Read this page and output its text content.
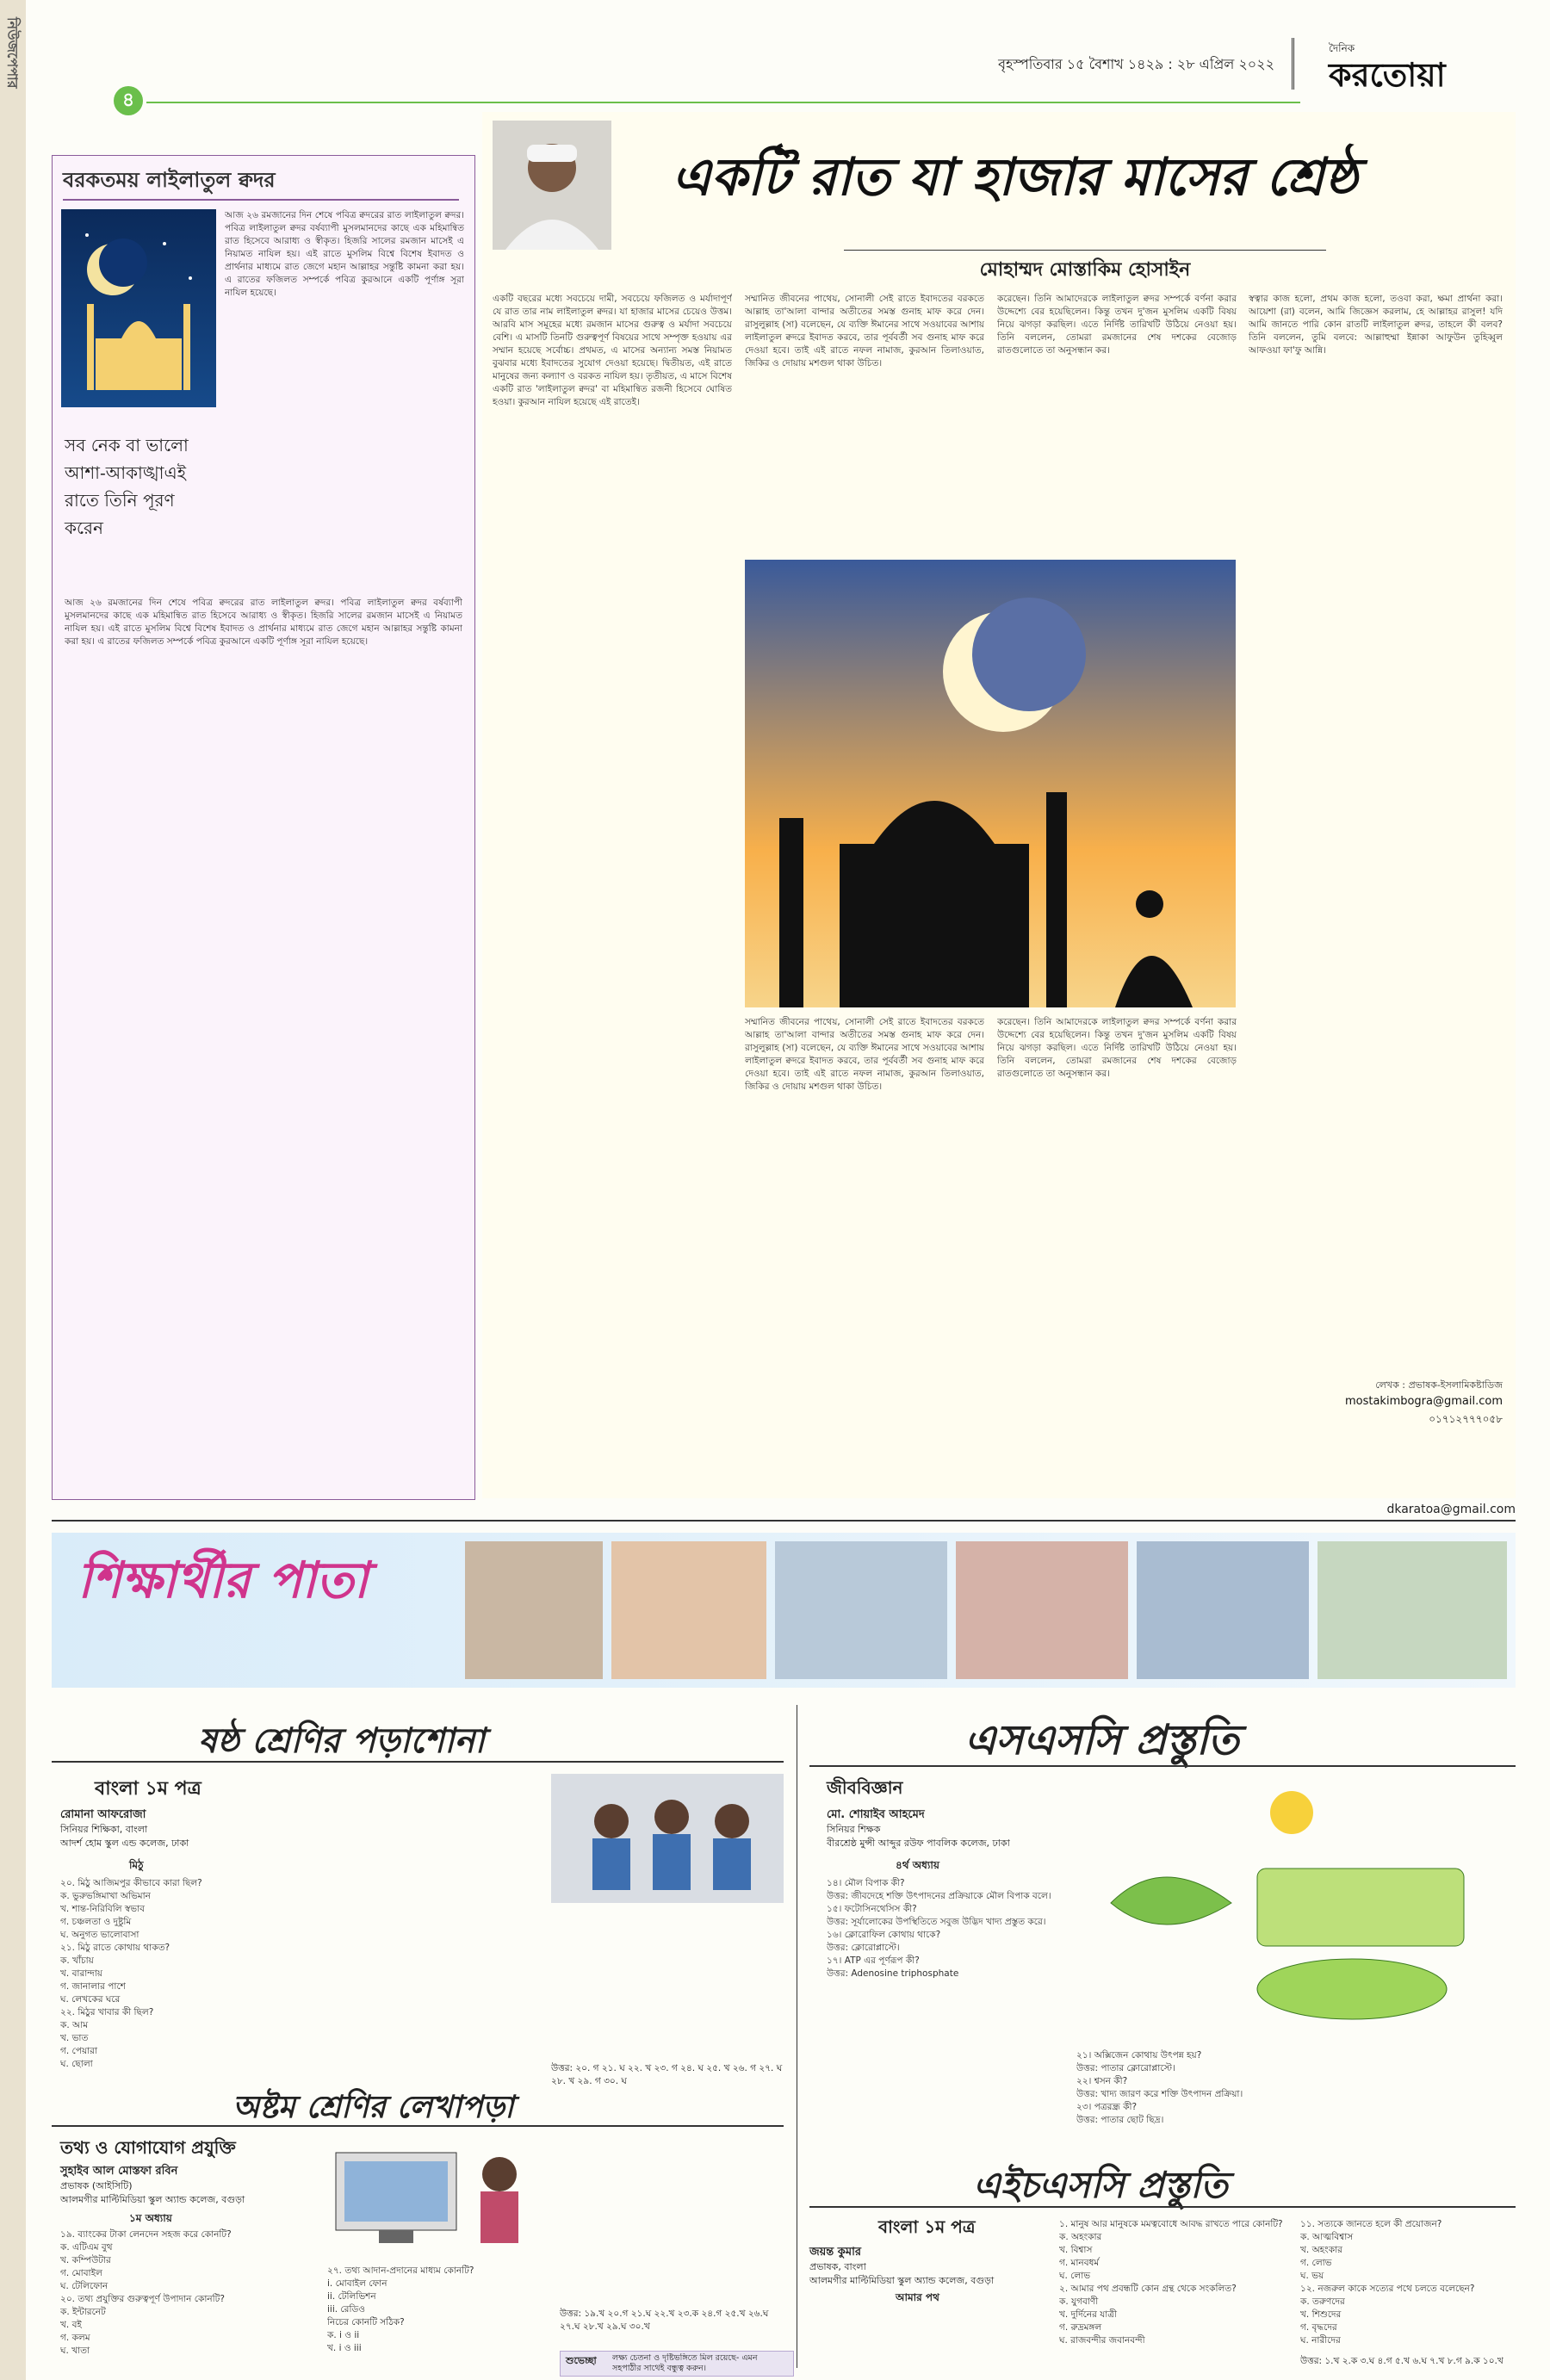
নিউজপেপার
৪
বৃহস্পতিবার ১৫ বৈশাখ ১৪২৯ : ২৮ এপ্রিল ২০২২
দৈনিক
করতোয়া
বরকতময় লাইলাতুল ক্বদর
আজ ২৬ রমজানের দিন শেষে পবিত্র ক্বদরের রাত লাইলাতুল ক্বদর। পবিত্র লাইলাতুল ক্বদর বর্ষব্যাপী মুসলমানদের কাছে এক মহিমান্বিত রাত হিসেবে আরাধ্য ও স্বীকৃত। হিজরি সালের রমজান মাসেই এ নিয়ামত নাযিল হয়। এই রাতে মুসলিম বিশ্বে বিশেষ ইবাদত ও প্রার্থনার মাধ্যমে রাত জেগে মহান আল্লাহর সন্তুষ্টি কামনা করা হয়। এ রাতের ফজিলত সম্পর্কে পবিত্র কুরআনে একটি পূর্ণাঙ্গ সূরা নাযিল হয়েছে।
সব নেক বা ভালো আশা-আকাঙ্খাএই রাতে তিনি পূরণ করেন
আজ ২৬ রমজানের দিন শেষে পবিত্র ক্বদরের রাত লাইলাতুল ক্বদর। পবিত্র লাইলাতুল ক্বদর বর্ষব্যাপী মুসলমানদের কাছে এক মহিমান্বিত রাত হিসেবে আরাধ্য ও স্বীকৃত। হিজরি সালের রমজান মাসেই এ নিয়ামত নাযিল হয়। এই রাতে মুসলিম বিশ্বে বিশেষ ইবাদত ও প্রার্থনার মাধ্যমে রাত জেগে মহান আল্লাহর সন্তুষ্টি কামনা করা হয়। এ রাতের ফজিলত সম্পর্কে পবিত্র কুরআনে একটি পূর্ণাঙ্গ সূরা নাযিল হয়েছে।
একটি রাত যা হাজার মাসের শ্রেষ্ঠ
মোহাম্মদ মোস্তাকিম হোসাইন
একটি বছরের মধ্যে সবচেয়ে দামী, সবচেয়ে ফজিলত ও মর্যাদাপূর্ণ যে রাত তার নাম লাইলাতুল ক্বদর। যা হাজার মাসের চেয়েও উত্তম। আরবি মাস সমূহের মধ্যে রমজান মাসের গুরুত্ব ও মর্যাদা সবচেয়ে বেশি। এ মাসটি তিনটি গুরুত্বপূর্ণ বিষয়ের সাথে সম্পৃক্ত হওয়ায় এর সম্মান হয়েছে সর্বোচ্চ। প্রথমত, এ মাসের অন্যান্য সমস্ত নিয়ামত বুঝবার মধ্যে ইবাদতের সুযোগ দেওয়া হয়েছে। দ্বিতীয়ত, এই রাতে মানুষের জন্য কল্যাণ ও বরকত নাযিল হয়। তৃতীয়ত, এ মাসে বিশেষ একটি রাত 'লাইলাতুল ক্বদর' বা মহিমান্বিত রজনী হিসেবে ঘোষিত হওয়া। কুরআন নাযিল হয়েছে এই রাতেই।
সম্মানিত জীবনের পাথেয়, সোনালী সেই রাতে ইবাদতের বরকতে আল্লাহ তা'আলা বান্দার অতীতের সমস্ত গুনাহ মাফ করে দেন। রাসুলুল্লাহ (সা) বলেছেন, যে ব্যক্তি ঈমানের সাথে সওয়াবের আশায় লাইলাতুল ক্বদরে ইবাদত করবে, তার পূর্ববর্তী সব গুনাহ মাফ করে দেওয়া হবে। তাই এই রাতে নফল নামাজ, কুরআন তিলাওয়াত, জিকির ও দোয়ায় মশগুল থাকা উচিত।
সম্মানিত জীবনের পাথেয়, সোনালী সেই রাতে ইবাদতের বরকতে আল্লাহ তা'আলা বান্দার অতীতের সমস্ত গুনাহ মাফ করে দেন। রাসুলুল্লাহ (সা) বলেছেন, যে ব্যক্তি ঈমানের সাথে সওয়াবের আশায় লাইলাতুল ক্বদরে ইবাদত করবে, তার পূর্ববর্তী সব গুনাহ মাফ করে দেওয়া হবে। তাই এই রাতে নফল নামাজ, কুরআন তিলাওয়াত, জিকির ও দোয়ায় মশগুল থাকা উচিত।
করেছেন। তিনি আমাদেরকে লাইলাতুল ক্বদর সম্পর্কে বর্ণনা করার উদ্দেশ্যে বের হয়েছিলেন। কিন্তু তখন দু'জন মুসলিম একটি বিষয় নিয়ে ঝগড়া করছিল। এতে নির্দিষ্ট তারিখটি উঠিয়ে নেওয়া হয়। তিনি বললেন, তোমরা রমজানের শেষ দশকের বেজোড় রাতগুলোতে তা অনুসন্ধান কর।
করেছেন। তিনি আমাদেরকে লাইলাতুল ক্বদর সম্পর্কে বর্ণনা করার উদ্দেশ্যে বের হয়েছিলেন। কিন্তু তখন দু'জন মুসলিম একটি বিষয় নিয়ে ঝগড়া করছিল। এতে নির্দিষ্ট তারিখটি উঠিয়ে নেওয়া হয়। তিনি বললেন, তোমরা রমজানের শেষ দশকের বেজোড় রাতগুলোতে তা অনুসন্ধান কর।
স্বত্বার কাজ হলো, প্রথম কাজ হলো, তওবা করা, ক্ষমা প্রার্থনা করা। আয়েশা (রা) বলেন, আমি জিজ্ঞেস করলাম, হে আল্লাহর রাসুল! যদি আমি জানতে পারি কোন রাতটি লাইলাতুল ক্বদর, তাহলে কী বলব? তিনি বললেন, তুমি বলবে: আল্লাহুম্মা ইন্নাকা আফুউন তুহিব্বুল আফওয়া ফা'ফু আন্নি।
লেখক : প্রভাষক-ইসলামিকষ্টাডিজ
mostakimbogra@gmail.com
০১৭১২৭৭৭০৫৮
dkaratoa@gmail.com
শিক্ষার্থীর পাতা
ষষ্ঠ শ্রেণির পড়াশোনা
বাংলা ১ম পত্র
রোমানা আফরোজা
সিনিয়র শিক্ষিকা, বাংলা
আদর্শ হোম স্কুল এন্ড কলেজ, ঢাকা
মিঠু
২০. মিঠু আজিমপুর কীভাবে কারা ছিল?
ক. ভুরুভঙ্গিমাখা অভিমান
খ. শান্ত-নিরিবিলি স্বভাব
গ. চঞ্চলতা ও দুষ্টুমি
ঘ. অনুগত ভালোবাসা
২১. মিঠু রাতে কোথায় থাকত?
ক. খাঁচায়
খ. বারান্দায়
গ. জানালার পাশে
ঘ. লেখকের ঘরে
২২. মিঠুর খাবার কী ছিল?
ক. আম
খ. ভাত
গ. পেয়ারা
ঘ. ছোলা	উত্তর: ২০. গ ২১. ঘ ২২. খ ২৩. গ ২৪. ঘ ২৫. খ ২৬. গ ২৭. ঘ ২৮. খ ২৯. গ ৩০. ঘ
অষ্টম শ্রেণির লেখাপড়া
তথ্য ও যোগাযোগ প্রযুক্তি
সুহাইব আল মোস্তফা রবিন
প্রভাষক (আইসিটি)
আলমগীর মাল্টিমিডিয়া স্কুল অ্যান্ড কলেজ, বগুড়া
১ম অধ্যায়
১৯. ব্যাংকের টাকা লেনদেন সহজ করে কোনটি?
ক. এটিএম বুথ
খ. কম্পিউটার
গ. মোবাইল
ঘ. টেলিফোন
২০. তথ্য প্রযুক্তির গুরুত্বপূর্ণ উপাদান কোনটি?
ক. ইন্টারনেট
খ. বই
গ. কলম
ঘ. খাতা
২৭. তথ্য আদান-প্রদানের মাধ্যম কোনটি?
i. মোবাইল ফোন
ii. টেলিভিশন
iii. রেডিও
নিচের কোনটি সঠিক?
ক. i ও ii
খ. i ও iii
উত্তর: ১৯.খ ২০.গ ২১.ঘ ২২.খ ২৩.ক ২৪.গ ২৫.খ ২৬.ঘ ২৭.ঘ ২৮.খ ২৯.ঘ ৩০.খ
এসএসসি প্রস্তুতি
জীববিজ্ঞান
মো. শোয়াইব আহমেদ
সিনিয়র শিক্ষক
বীরশ্রেষ্ঠ মুন্সী আব্দুর রউফ পাবলিক কলেজ, ঢাকা
৪র্থ অধ্যায়
১৪। মৌল বিপাক কী?
উত্তর: জীবদেহে শক্তি উৎপাদনের প্রক্রিয়াকে মৌল বিপাক বলে।
১৫। ফটোসিনথেসিস কী?
উত্তর: সূর্যালোকের উপস্থিতিতে সবুজ উদ্ভিদ খাদ্য প্রস্তুত করে।
১৬। ক্লোরোফিল কোথায় থাকে?
উত্তর: ক্লোরোপ্লাস্টে।
১৭। ATP এর পূর্ণরূপ কী?
উত্তর: Adenosine triphosphate
২১। অক্সিজেন কোথায় উৎপন্ন হয়?
উত্তর: পাতার ক্লোরোপ্লাস্টে।
২২। শ্বসন কী?
উত্তর: খাদ্য জারণ করে শক্তি উৎপাদন প্রক্রিয়া।
২৩। পত্ররন্ধ্র কী?
উত্তর: পাতার ছোট ছিদ্র।
এইচএসসি প্রস্তুতি
বাংলা ১ম পত্র
জয়ন্ত কুমার
প্রভাষক, বাংলা
আলমগীর মাল্টিমিডিয়া স্কুল অ্যান্ড কলেজ, বগুড়া
আমার পথ
১. মানুষ আর মানুষকে মমত্ববোধে আবদ্ধ রাখতে পারে কোনটি?
ক. অহংকার
খ. বিশ্বাস
গ. মানবধর্ম
ঘ. লোভ
২. আমার পথ প্রবন্ধটি কোন গ্রন্থ থেকে সংকলিত?
ক. যুগবাণী
খ. দুর্দিনের যাত্রী
গ. রুদ্রমঙ্গল
ঘ. রাজবন্দীর জবানবন্দী
১১. সত্যকে জানতে হলে কী প্রয়োজন?
ক. আত্মবিশ্বাস
খ. অহংকার
গ. লোভ
ঘ. ভয়
১২. নজরুল কাকে সত্যের পথে চলতে বলেছেন?
ক. তরুণদের
খ. শিশুদের
গ. বৃদ্ধদের
ঘ. নারীদের
উত্তর: ১.খ ২.ক ৩.ঘ ৪.গ ৫.খ ৬.ঘ ৭.খ ৮.গ ৯.ক ১০.খ
শুভেচ্ছা লক্ষ্য চেতনা ও দৃষ্টিভঙ্গিতে মিল রয়েছে- এমন সহপাঠীর সাথেই বন্ধুত্ব করুন।
